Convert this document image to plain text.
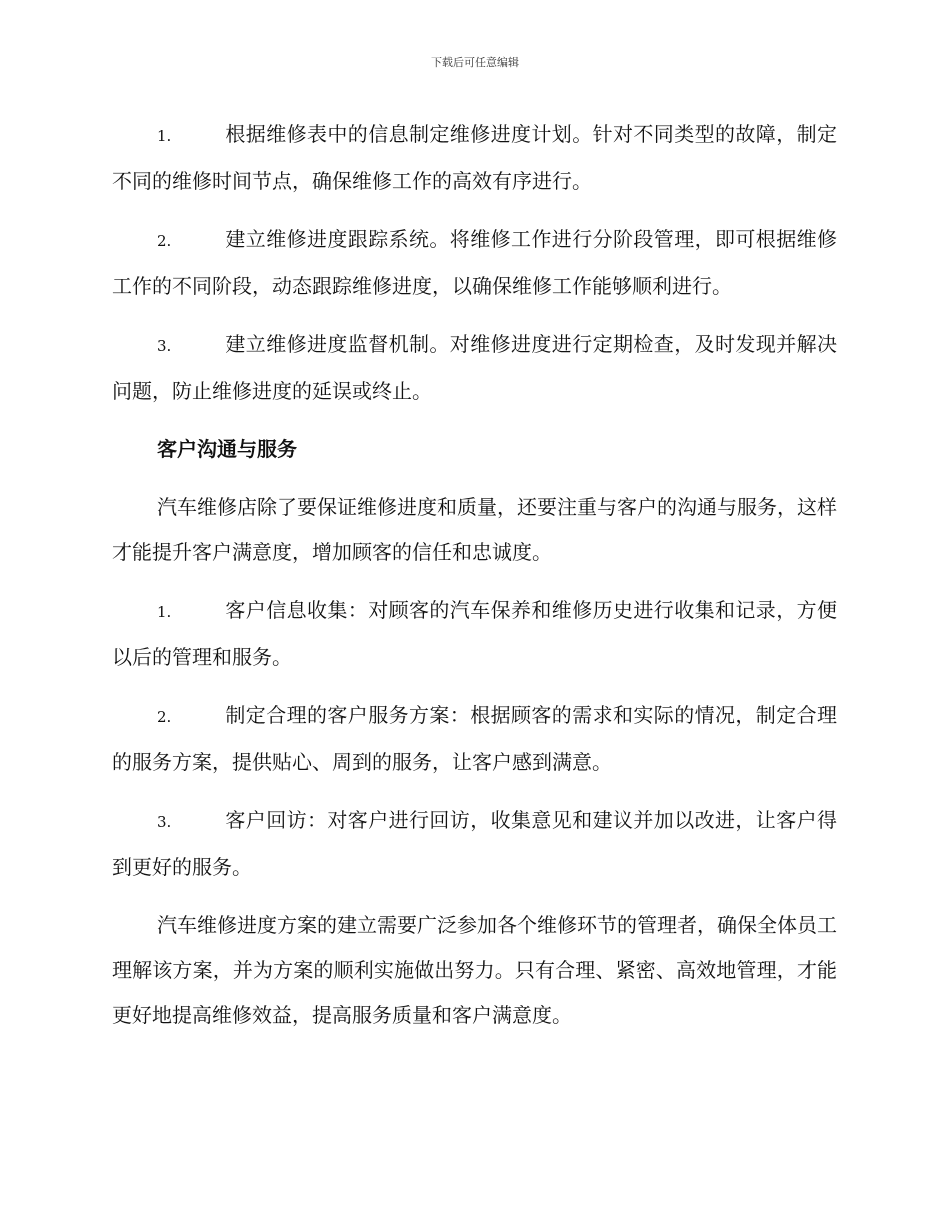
下载后可任意编辑
1.	根据维修表中的信息制定维修进度计划。针对不同类型的故障，制定不同的维修时间节点，确保维修工作的高效有序进行。
2.	建立维修进度跟踪系统。将维修工作进行分阶段管理，即可根据维修工作的不同阶段，动态跟踪维修进度，以确保维修工作能够顺利进行。
3.	建立维修进度监督机制。对维修进度进行定期检查，及时发现并解决问题，防止维修进度的延误或终止。
客户沟通与服务

汽车维修店除了要保证维修进度和质量，还要注重与客户的沟通与服务，这样才能提升客户满意度，增加顾客的信任和忠诚度。

1.	客户信息收集：对顾客的汽车保养和维修历史进行收集和记录，方便以后的管理和服务。
2.	制定合理的客户服务方案：根据顾客的需求和实际的情况，制定合理的服务方案，提供贴心、周到的服务，让客户感到满意。
3.	客户回访：对客户进行回访，收集意见和建议并加以改进，让客户得到更好的服务。

汽车维修进度方案的建立需要广泛参加各个维修环节的管理者，确保全体员工理解该方案，并为方案的顺利实施做出努力。只有合理、紧密、高效地管理，才能更好地提高维修效益，提高服务质量和客户满意度。
